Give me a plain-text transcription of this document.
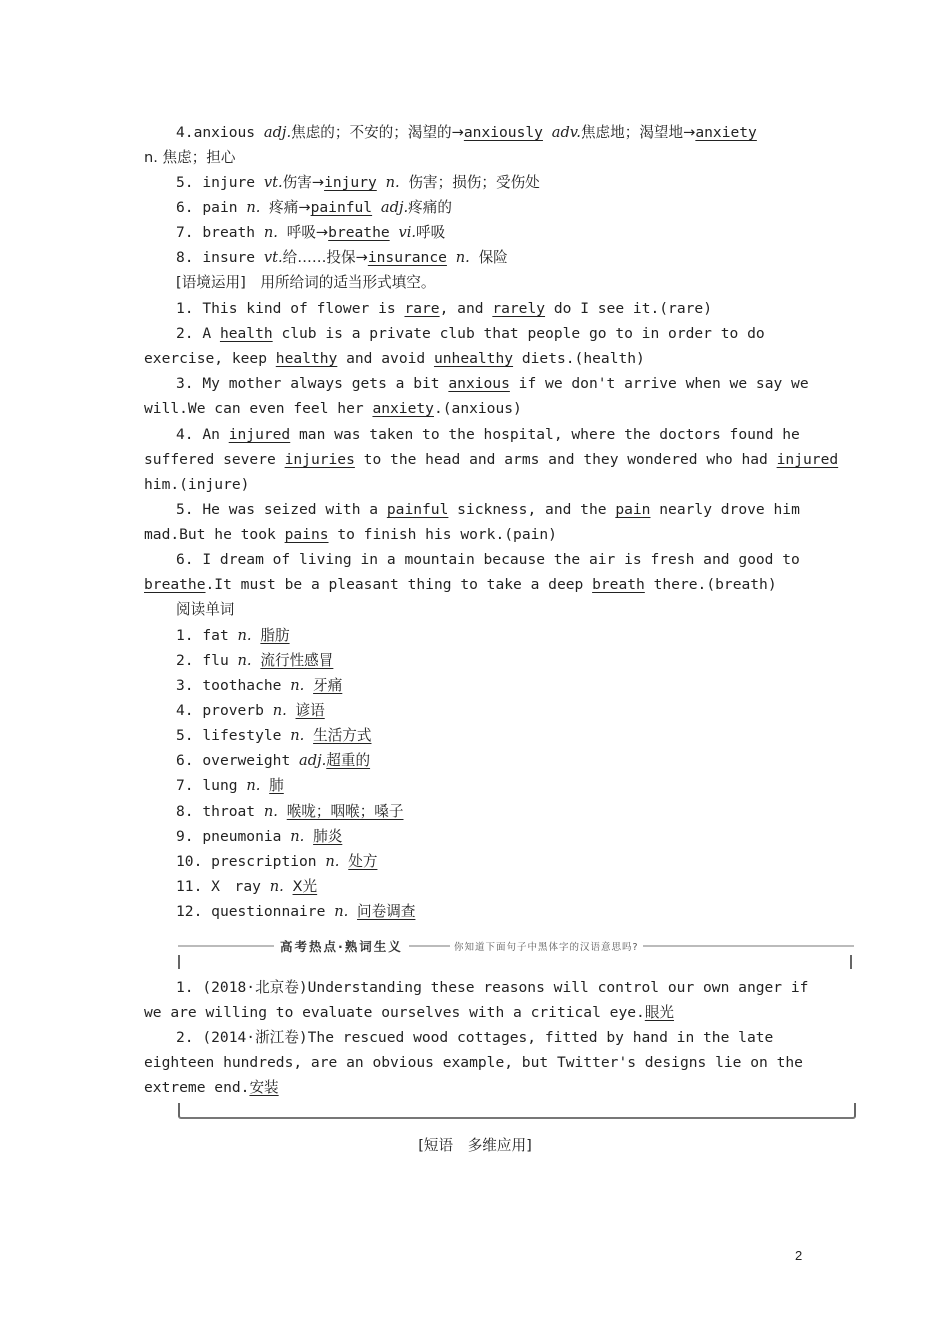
4.anxious adj.焦虑的；不安的；渴望的→anxiously adv.焦虑地；渴望地→anxiety
n. 焦虑；担心
5. injure vt.伤害→injury n. 伤害；损伤；受伤处
6. pain n. 疼痛→painful adj.疼痛的
7. breath n. 呼吸→breathe vi.呼吸
8. insure vt.给……投保→insurance n. 保险
[语境运用]　用所给词的适当形式填空。
1. This kind of flower is rare, and rarely do I see it.(rare)
2. A health club is a private club that people go to in order to do
exercise, keep healthy and avoid unhealthy diets.(health)
3. My mother always gets a bit anxious if we don't arrive when we say we
will.We can even feel her anxiety.(anxious)
4. An injured man was taken to the hospital, where the doctors found he
suffered severe injuries to the head and arms and they wondered who had injured
him.(injure)
5. He was seized with a painful sickness, and the pain nearly drove him
mad.But he took pains to finish his work.(pain)
6. I dream of living in a mountain because the air is fresh and good to
breathe.It must be a pleasant thing to take a deep breath there.(breath)
阅读单词
1. fat n. 脂肪
2. flu n. 流行性感冒
3. toothache n. 牙痛
4. proverb n. 谚语
5. lifestyle n. 生活方式
6. overweight adj.超重的
7. lung n. 肺
8. throat n. 喉咙；咽喉；嗓子
9. pneumonia n. 肺炎
10. prescription n. 处方
11. X　ray n. X光
12. questionnaire n. 问卷调查
高考热点·熟词生义	你知道下面句子中黑体字的汉语意思吗?
1. (2018·北京卷)Understanding these reasons will control our own anger if
we are willing to evaluate ourselves with a critical eye.眼光
2. (2014·浙江卷)The rescued wood cottages, fitted by hand in the late
eighteen hundreds, are an obvious example, but Twitter's designs lie on the
extreme end.安装
[短语　多维应用]
2
